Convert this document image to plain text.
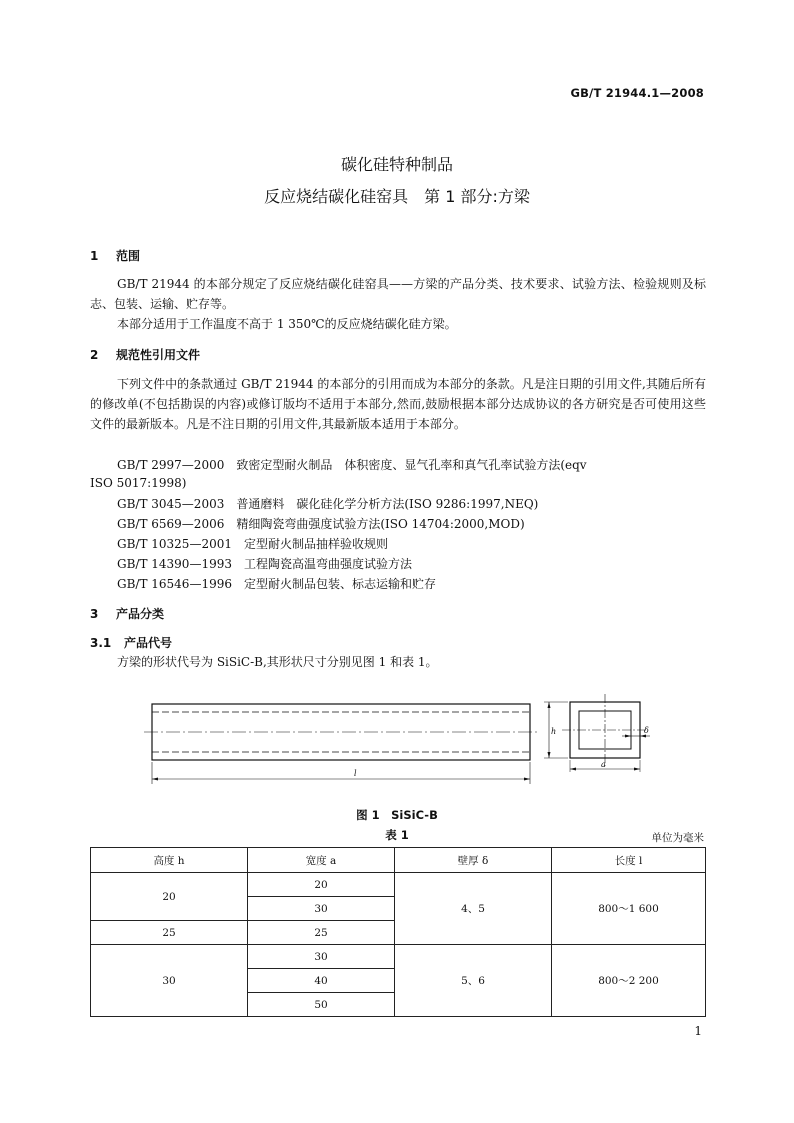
GB/T 21944.1—2008
碳化硅特种制品
反应烧结碳化硅窑具　第 1 部分:方梁
1 范围
GB/T 21944 的本部分规定了反应烧结碳化硅窑具——方梁的产品分类、技术要求、试验方法、检验规则及标志、包装、运输、贮存等。
本部分适用于工作温度不高于 1 350℃的反应烧结碳化硅方梁。
2 规范性引用文件
下列文件中的条款通过 GB/T 21944 的本部分的引用而成为本部分的条款。凡是注日期的引用文件,其随后所有的修改单(不包括勘误的内容)或修订版均不适用于本部分,然而,鼓励根据本部分达成协议的各方研究是否可使用这些文件的最新版本。凡是不注日期的引用文件,其最新版本适用于本部分。
GB/T 2997—2000　致密定型耐火制品　体积密度、显气孔率和真气孔率试验方法(eqv
ISO 5017:1998)
GB/T 3045—2003　普通磨料　碳化硅化学分析方法(ISO 9286:1997,NEQ)
GB/T 6569—2006　精细陶瓷弯曲强度试验方法(ISO 14704:2000,MOD)
GB/T 10325—2001　定型耐火制品抽样验收规则
GB/T 14390—1993　工程陶瓷高温弯曲强度试验方法
GB/T 16546—1996　定型耐火制品包装、标志运输和贮存
3 产品分类
3.1 产品代号
方梁的形状代号为 SiSiC-B,其形状尺寸分别见图 1 和表 1。
l
h
a
δ
图 1　SiSiC-B
表 1	单位为毫米
高度 h	宽度 a	壁厚 δ	长度 l
20	20	4、5	800～1 600
	30		
25	25		
30	30	5、6	800～2 200
	40		
	50		
1
